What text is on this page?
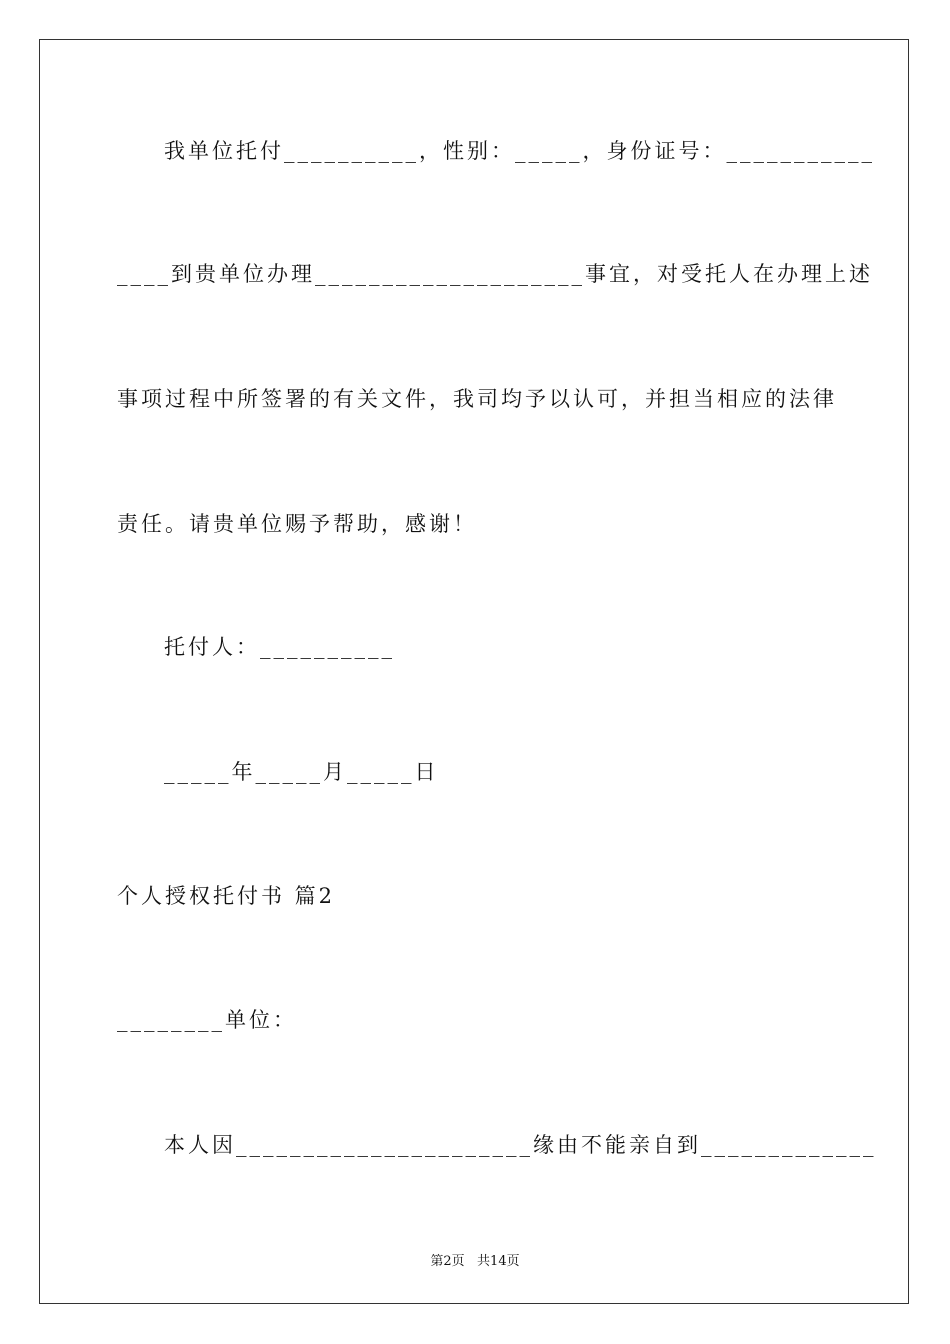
我单位托付__________，性别：_____，身份证号：___________
____到贵单位办理____________________事宜，对受托人在办理上述
事项过程中所签署的有关文件，我司均予以认可，并担当相应的法律
责任。请贵单位赐予帮助，感谢！
托付人：__________
_____年_____月_____日
个人授权托付书 篇2
________单位：
本人因______________________缘由不能亲自到_____________
第2页   共14页
